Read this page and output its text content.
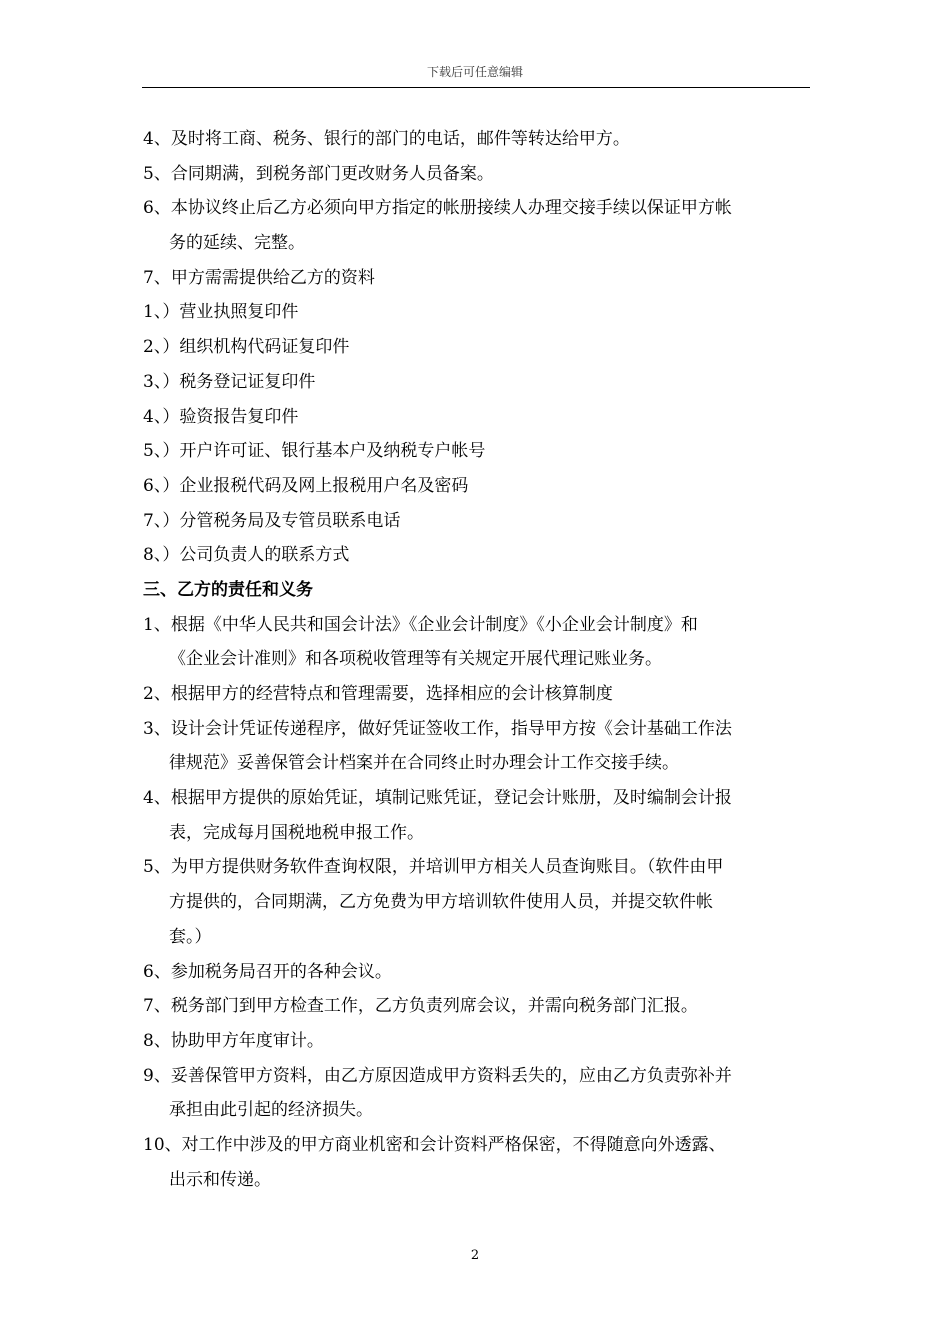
下载后可任意编辑
4、及时将工商、税务、银行的部门的电话，邮件等转达给甲方。
5、合同期满，到税务部门更改财务人员备案。
6、本协议终止后乙方必须向甲方指定的帐册接续人办理交接手续以保证甲方帐
务的延续、完整。
7、甲方需需提供给乙方的资料
1、）营业执照复印件
2、）组织机构代码证复印件
3、）税务登记证复印件
4、）验资报告复印件
5、）开户许可证、银行基本户及纳税专户帐号
6、）企业报税代码及网上报税用户名及密码
7、）分管税务局及专管员联系电话
8、）公司负责人的联系方式
三、乙方的责任和义务
1、根据《中华人民共和国会计法》《企业会计制度》《小企业会计制度》和
《企业会计准则》和各项税收管理等有关规定开展代理记账业务。
2、根据甲方的经营特点和管理需要，选择相应的会计核算制度
3、设计会计凭证传递程序，做好凭证签收工作，指导甲方按《会计基础工作法
律规范》妥善保管会计档案并在合同终止时办理会计工作交接手续。
4、根据甲方提供的原始凭证，填制记账凭证，登记会计账册，及时编制会计报
表，完成每月国税地税申报工作。
5、为甲方提供财务软件查询权限，并培训甲方相关人员查询账目。（软件由甲
方提供的，合同期满，乙方免费为甲方培训软件使用人员，并提交软件帐
套。）
6、参加税务局召开的各种会议。
7、税务部门到甲方检查工作，乙方负责列席会议，并需向税务部门汇报。
8、协助甲方年度审计。
9、妥善保管甲方资料，由乙方原因造成甲方资料丢失的，应由乙方负责弥补并
承担由此引起的经济损失。
10、对工作中涉及的甲方商业机密和会计资料严格保密，不得随意向外透露、
出示和传递。
2
